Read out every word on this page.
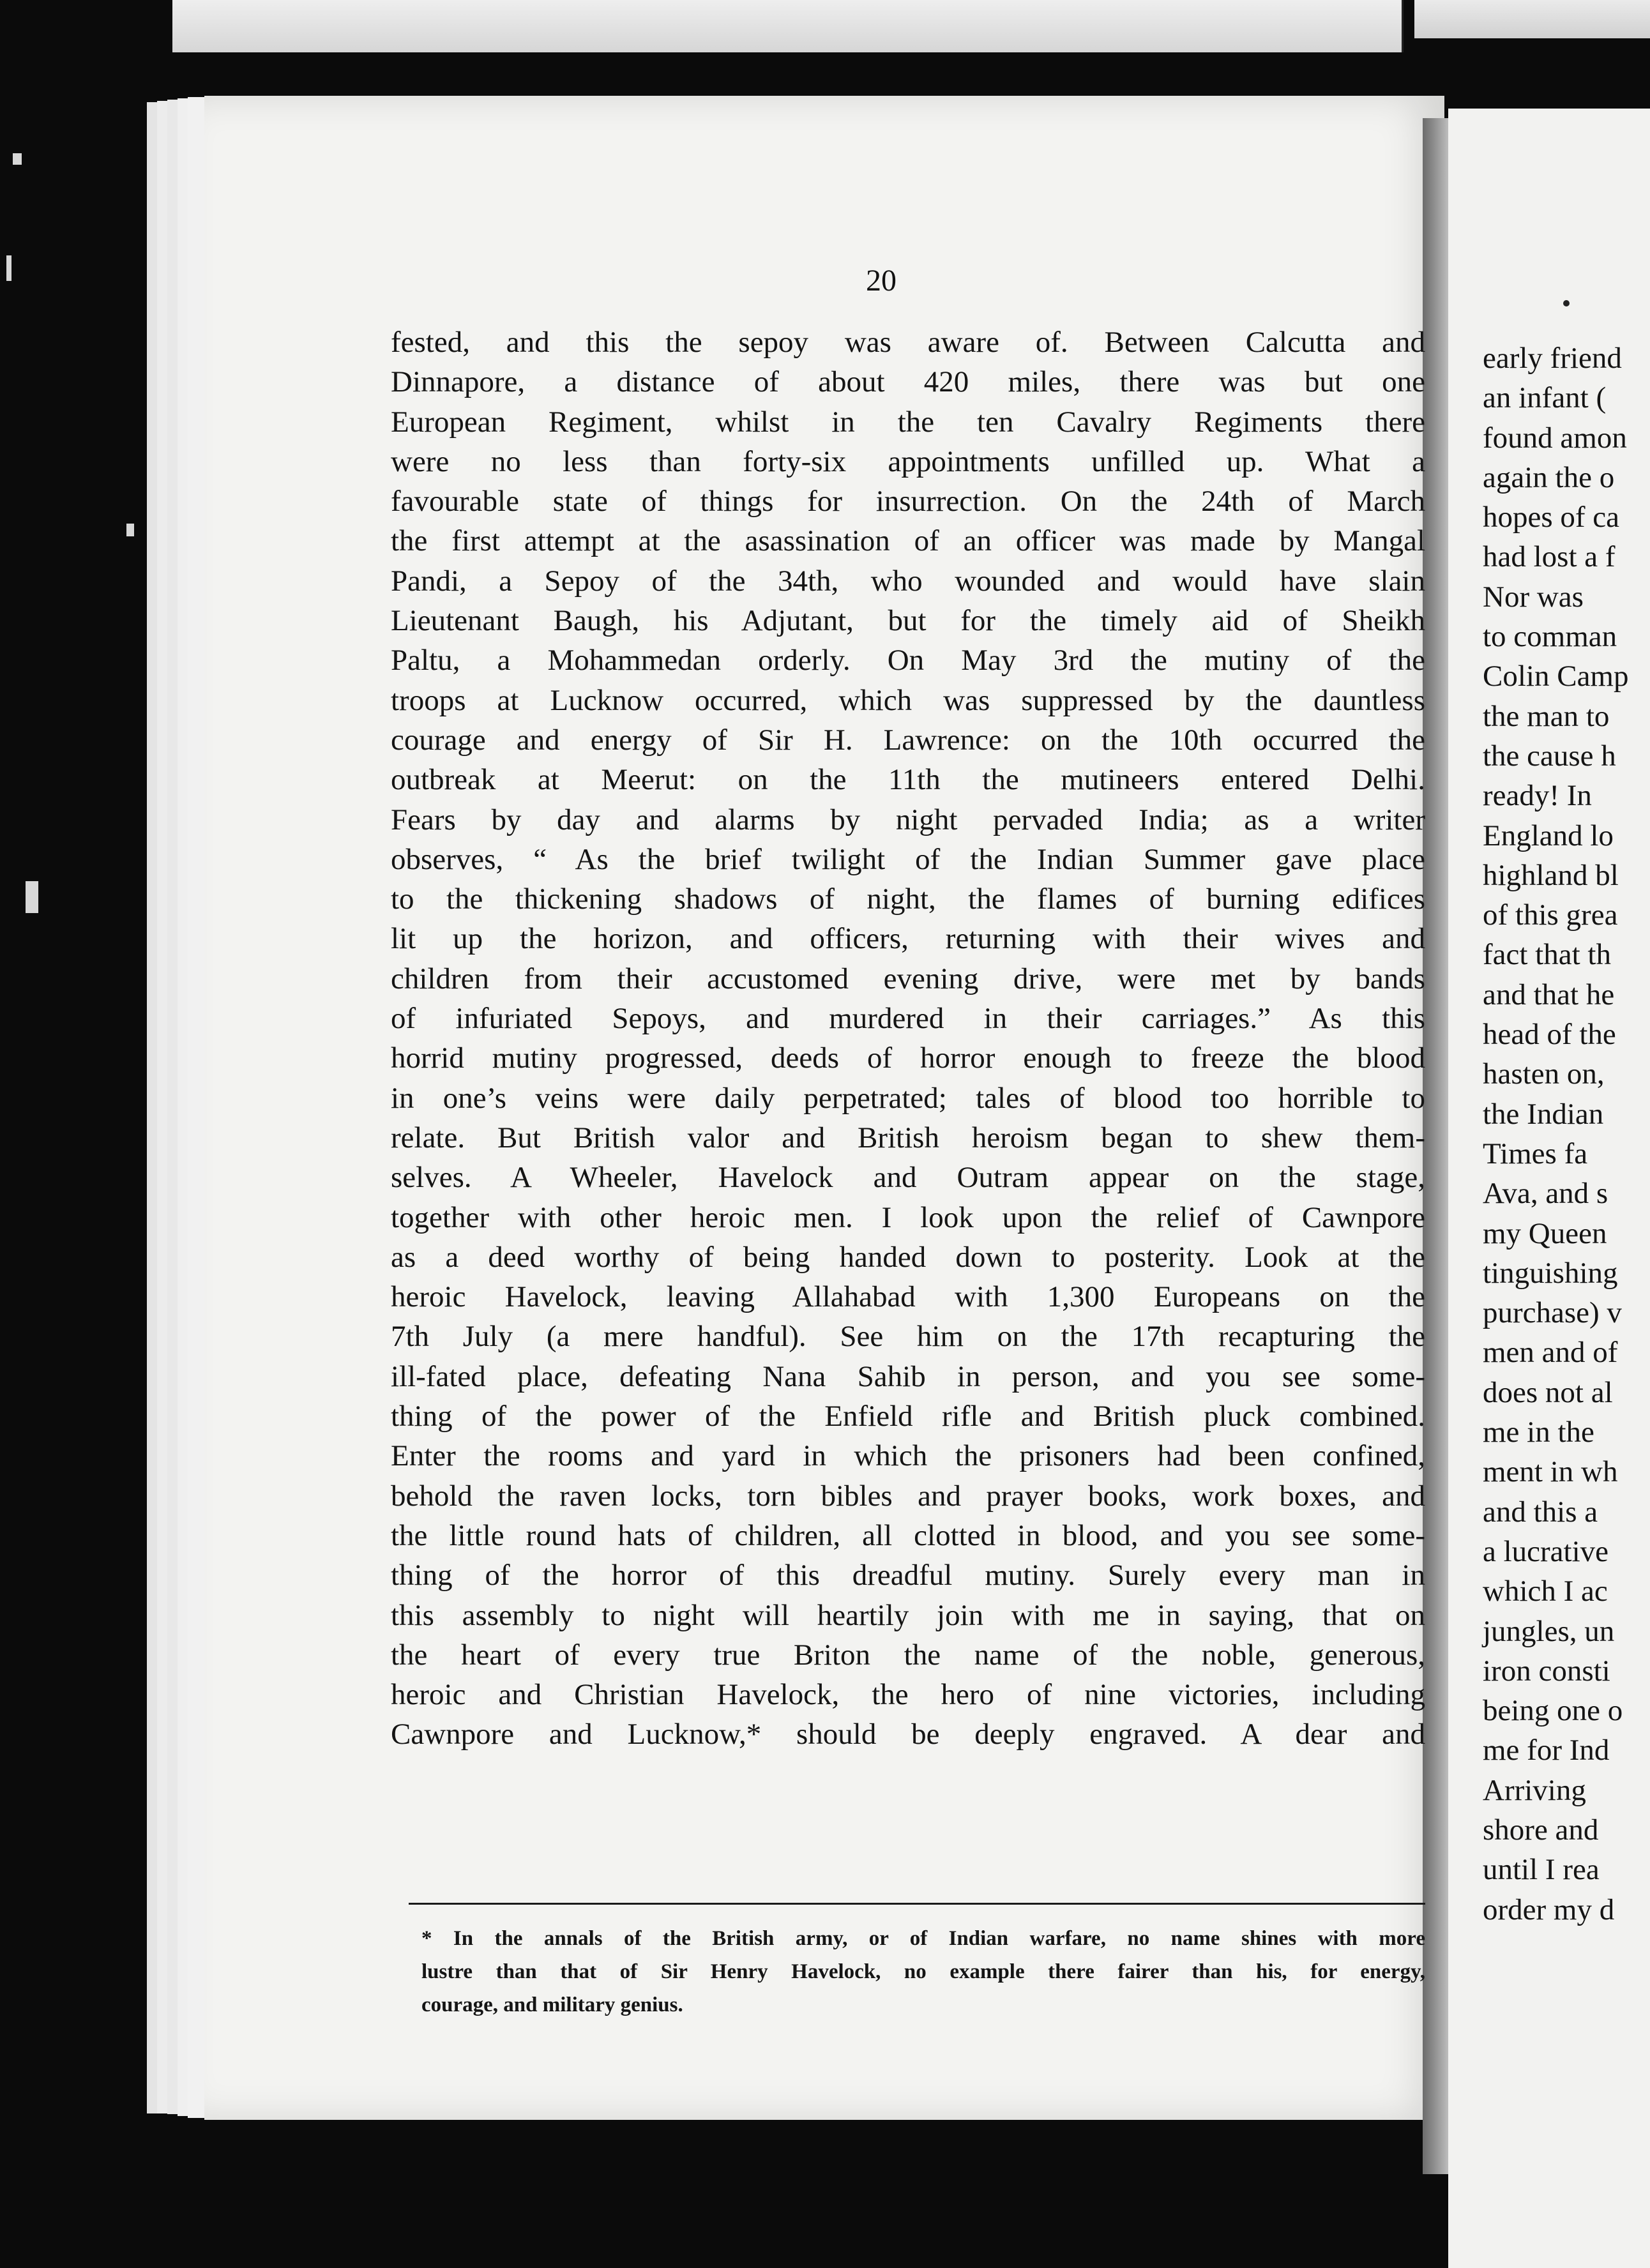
20
fested, and this the sepoy was aware of. Between Calcutta and
Dinnapore, a distance of about 420 miles, there was but one
European Regiment, whilst in the ten Cavalry Regiments there
were no less than forty-six appointments unfilled up. What a
favourable state of things for insurrection. On the 24th of March
the first attempt at the asassination of an officer was made by Mangal
Pandi, a Sepoy of the 34th, who wounded and would have slain
Lieutenant Baugh, his Adjutant, but for the timely aid of Sheikh
Paltu, a Mohammedan orderly. On May 3rd the mutiny of the
troops at Lucknow occurred, which was suppressed by the dauntless
courage and energy of Sir H. Lawrence: on the 10th occurred the
outbreak at Meerut: on the 11th the mutineers entered Delhi.
Fears by day and alarms by night pervaded India; as a writer
observes, “ As the brief twilight of the Indian Summer gave place
to the thickening shadows of night, the flames of burning edifices
lit up the horizon, and officers, returning with their wives and
children from their accustomed evening drive, were met by bands
of infuriated Sepoys, and murdered in their carriages.” As this
horrid mutiny progressed, deeds of horror enough to freeze the blood
in one’s veins were daily perpetrated; tales of blood too horrible to
relate. But British valor and British heroism began to shew them-
selves. A Wheeler, Havelock and Outram appear on the stage,
together with other heroic men. I look upon the relief of Cawnpore
as a deed worthy of being handed down to posterity. Look at the
heroic Havelock, leaving Allahabad with 1,300 Europeans on the
7th July (a mere handful). See him on the 17th recapturing the
ill-fated place, defeating Nana Sahib in person, and you see some-
thing of the power of the Enfield rifle and British pluck combined.
Enter the rooms and yard in which the prisoners had been confined,
behold the raven locks, torn bibles and prayer books, work boxes, and
the little round hats of children, all clotted in blood, and you see some-
thing of the horror of this dreadful mutiny. Surely every man in
this assembly to night will heartily join with me in saying, that on
the heart of every true Briton the name of the noble, generous,
heroic and Christian Havelock, the hero of nine victories, including
Cawnpore and Lucknow,* should be deeply engraved. A dear and
* In the annals of the British army, or of Indian warfare, no name shines with more
lustre than that of Sir Henry Havelock, no example there fairer than his, for energy,
courage, and military genius.
early friend
an infant (
found amon
again the o
hopes of ca
had lost a f
Nor was
to comman
Colin Camp
the man to
the cause h
ready! In
England lo
highland bl
of this grea
fact that th
and that he
head of the
hasten on,
the Indian
Times fa
Ava, and s
my Queen
tinguishing
purchase) v
men and of
does not al
me in the
ment in wh
and this a
a lucrative
which I ac
jungles, un
iron consti
being one o
me for Ind
Arriving
shore and
until I rea
order my d
